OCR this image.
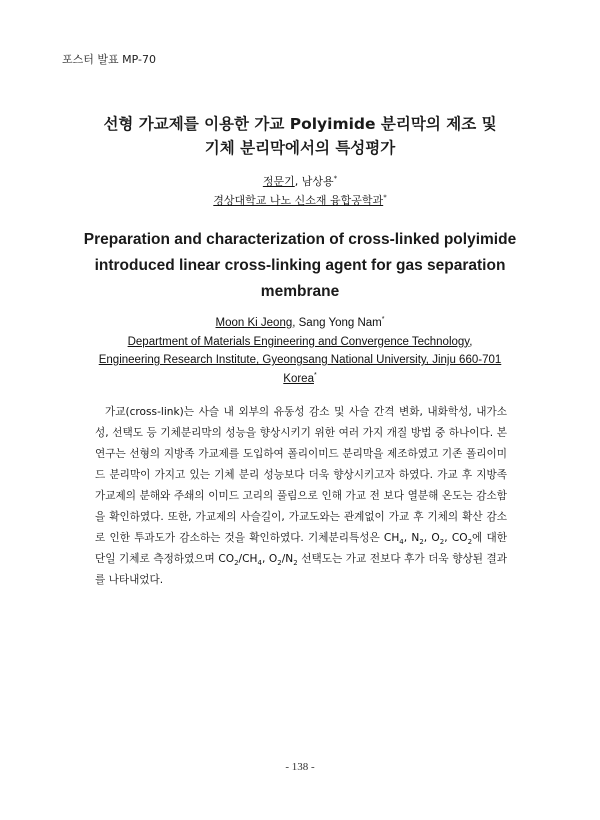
포스터 발표 MP-70
선형 가교제를 이용한 가교 Polyimide 분리막의 제조 및
기체 분리막에서의 특성평가
정문기, 남상용*
경상대학교 나노 신소재 융합공학과*
Preparation and characterization of cross-linked polyimide
introduced linear cross-linking agent for gas separation
membrane
Moon Ki Jeong, Sang Yong Nam*
Department of Materials Engineering and Convergence Technology,
Engineering Research Institute, Gyeongsang National University, Jinju 660-701
Korea*
가교(cross-link)는 사슬 내 외부의 유동성 감소 및 사슬 간격 변화, 내화학성, 내가소성, 선택도 등 기체분리막의 성능을 향상시키기 위한 여러 가지 개질 방법 중 하나이다. 본 연구는 선형의 지방족 가교제를 도입하여 폴리이미드 분리막을 제조하였고 기존 폴리이미드 분리막이 가지고 있는 기체 분리 성능보다 더욱 향상시키고자 하였다. 가교 후 지방족 가교제의 분해와 주쇄의 이미드 고리의 풀림으로 인해 가교 전 보다 열분해 온도는 감소함을 확인하였다. 또한, 가교제의 사슬길이, 가교도와는 관계없이 가교 후 기체의 확산 감소로 인한 투과도가 감소하는 것을 확인하였다. 기체분리특성은 $CH_4$, $N_2$, $O_2$, $CO_2$에 대한 단일 기체로 측정하였으며 $CO_2/CH_4$, $O_2/N_2$ 선택도는 가교 전보다 후가 더욱 향상된 결과를 나타내었다.
- 138 -
